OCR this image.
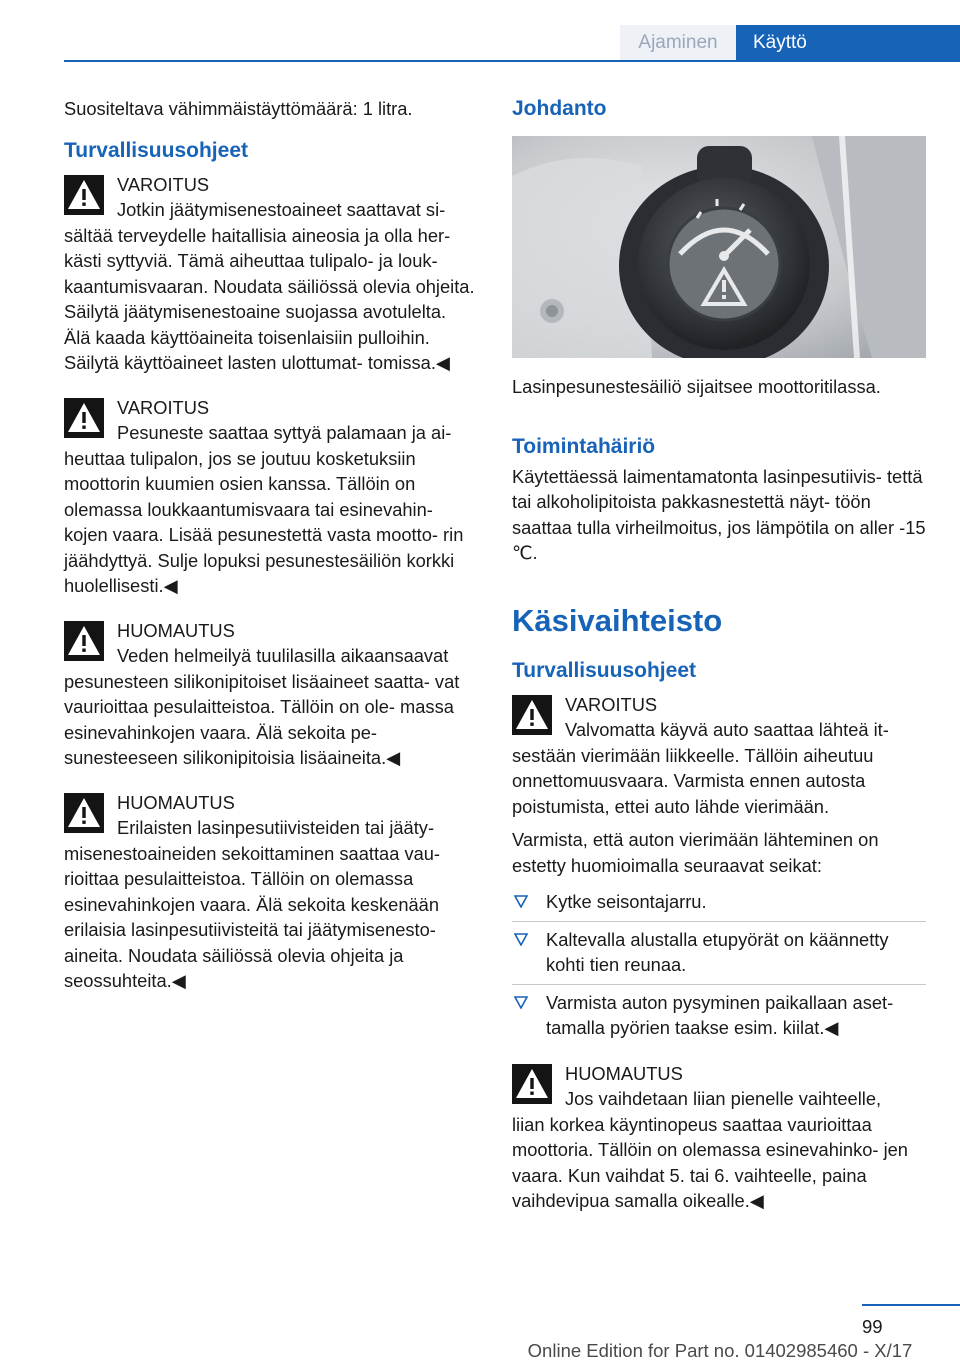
Ajaminen	Käyttö

Suositeltava vähimmäistäyttömäärä: 1 litra.

Turvallisuusohjeet

VAROITUS

Jotkin jäätymisenestoaineet saattavat si‐

sältää terveydelle haitallisia aineosia ja olla her‐ kästi syttyviä. Tämä aiheuttaa tulipalo- ja louk‐ kaantumisvaaran. Noudata säiliössä olevia ohjeita. Säilytä jäätymisenestoaine suojassa avotulelta. Älä kaada käyttöaineita toisenlaisiin pulloihin. Säilytä käyttöaineet lasten ulottumat‐ tomissa.◀

VAROITUS

Pesuneste saattaa syttyä palamaan ja ai‐

heuttaa tulipalon, jos se joutuu kosketuksiin moottorin kuumien osien kanssa. Tällöin on olemassa loukkaantumisvaara tai esinevahin‐ kojen vaara. Lisää pesunestettä vasta mootto‐ rin jäähdyttyä. Sulje lopuksi pesunestesäiliön korkki huolellisesti.◀

HUOMAUTUS

Veden helmeilyä tuulilasilla aikaansaavat

pesunesteen silikonipitoiset lisäaineet saatta‐ vat vaurioittaa pesulaitteistoa. Tällöin on ole‐ massa esinevahinkojen vaara. Älä sekoita pe‐ sunesteeseen silikonipitoisia lisäaineita.◀

HUOMAUTUS

Erilaisten lasinpesutiivisteiden tai jääty‐

misenestoaineiden sekoittaminen saattaa vau‐ rioittaa pesulaitteistoa. Tällöin on olemassa esinevahinkojen vaara. Älä sekoita keskenään erilaisia lasinpesutiivisteitä tai jäätymisenesto‐ aineita. Noudata säiliössä olevia ohjeita ja seossuhteita.◀

Johdanto

Lasinpesunestesäiliö sijaitsee moottoritilassa.

Toimintahäiriö

Käytettäessä laimentamatonta lasinpesutiivis‐ tettä tai alkoholipitoista pakkasnestettä näyt‐ töön saattaa tulla virheilmoitus, jos lämpötila on aller -15 ℃.

Käsivaihteisto
Turvallisuusohjeet

VAROITUS

Valvomatta käyvä auto saattaa lähteä it‐

sestään vierimään liikkeelle. Tällöin aiheutuu onnettomuusvaara. Varmista ennen autosta poistumista, ettei auto lähde vierimään.

Varmista, että auton vierimään lähteminen on estetty huomioimalla seuraavat seikat:

Kytke seisontajarru.
Kaltevalla alustalla etupyörät on käännetty kohti tien reunaa.
Varmista auton pysyminen paikallaan aset‐ tamalla pyörien taakse esim. kiilat.◀

HUOMAUTUS

Jos vaihdetaan liian pienelle vaihteelle,

liian korkea käyntinopeus saattaa vaurioittaa moottoria. Tällöin on olemassa esinevahinko‐ jen vaara. Kun vaihdat 5. tai 6. vaihteelle, paina vaihdevipua samalla oikealle.◀

99
Online Edition for Part no. 01402985460 - X/17
